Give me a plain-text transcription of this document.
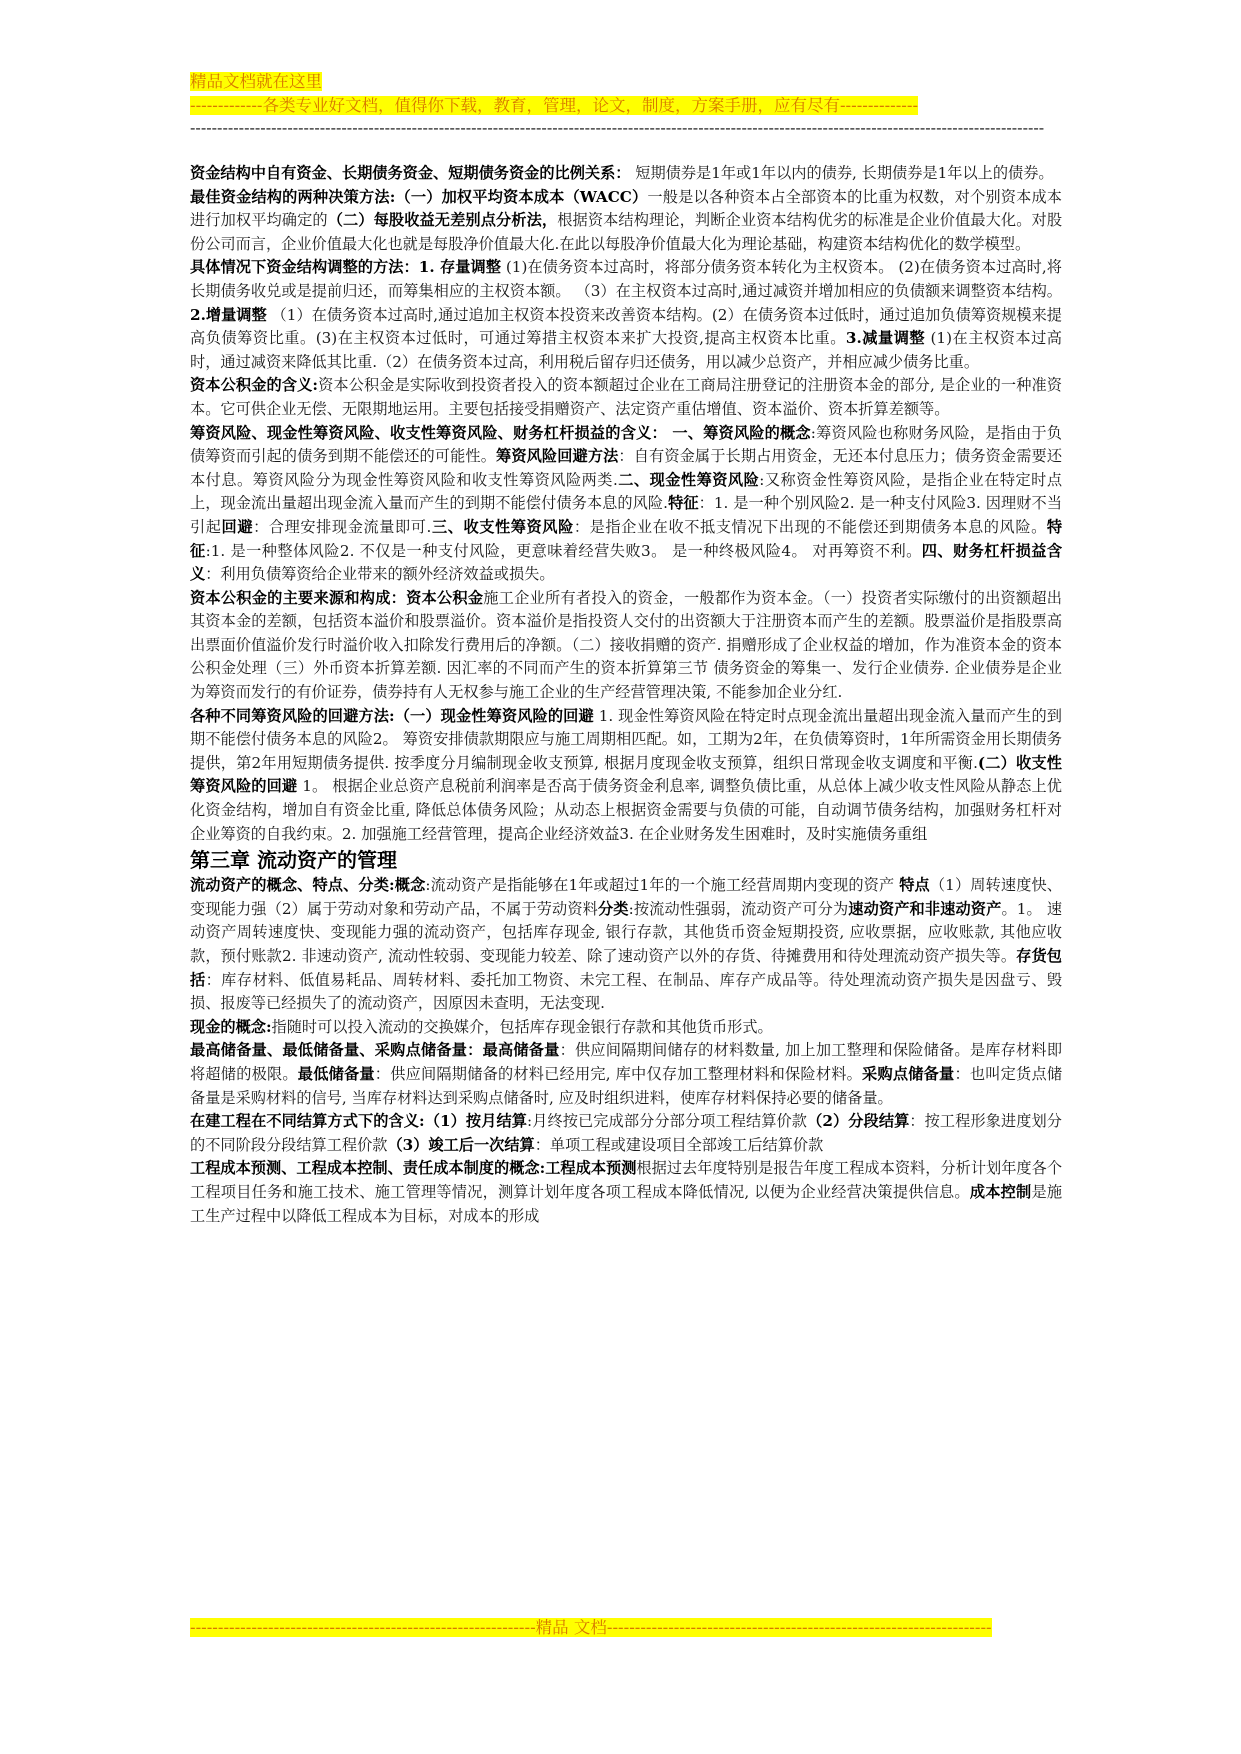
精品文档就在这里
-------------各类专业好文档，值得你下载，教育，管理，论文，制度，方案手册，应有尽有--------------
--------------------------------------------------------------------------------------------------------------------------------------------------------------

资金结构中自有资金、长期债务资金、短期债务资金的比例关系： 短期债券是1年或1年以内的债券, 长期债券是1年以上的债券。

最佳资金结构的两种决策方法:（一）加权平均资本成本（WACC）一般是以各种资本占全部资本的比重为权数，对个别资本成本进行加权平均确定的（二）每股收益无差别点分析法，根据资本结构理论，判断企业资本结构优劣的标准是企业价值最大化。对股份公司而言，企业价值最大化也就是每股净价值最大化.在此以每股净价值最大化为理论基础，构建资本结构优化的数学模型。

具体情况下资金结构调整的方法：1. 存量调整 (1)在债务资本过高时，将部分债务资本转化为主权资本。 (2)在债务资本过高时,将长期债务收兑或是提前归还，而筹集相应的主权资本额。 （3）在主权资本过高时,通过减资并增加相应的负债额来调整资本结构。2.增量调整 （1）在债务资本过高时,通过追加主权资本投资来改善资本结构。(2）在债务资本过低时，通过追加负债筹资规模来提高负债筹资比重。(3)在主权资本过低时，可通过筹措主权资本来扩大投资,提高主权资本比重。3.减量调整 (1)在主权资本过高时，通过减资来降低其比重.（2）在债务资本过高，利用税后留存归还债务，用以减少总资产，并相应减少债务比重。

资本公积金的含义:资本公积金是实际收到投资者投入的资本额超过企业在工商局注册登记的注册资本金的部分, 是企业的一种准资本。它可供企业无偿、无限期地运用。主要包括接受捐赠资产、法定资产重估增值、资本溢价、资本折算差额等。

筹资风险、现金性筹资风险、收支性筹资风险、财务杠杆损益的含义： 一、筹资风险的概念:筹资风险也称财务风险，是指由于负债筹资而引起的债务到期不能偿还的可能性。筹资风险回避方法：自有资金属于长期占用资金，无还本付息压力；债务资金需要还本付息。筹资风险分为现金性筹资风险和收支性筹资风险两类.二、现金性筹资风险:又称资金性筹资风险，是指企业在特定时点上，现金流出量超出现金流入量而产生的到期不能偿付债务本息的风险.特征：1. 是一种个别风险2. 是一种支付风险3. 因理财不当引起回避：合理安排现金流量即可.三、收支性筹资风险：是指企业在收不抵支情况下出现的不能偿还到期债务本息的风险。特征:1. 是一种整体风险2. 不仅是一种支付风险，更意味着经营失败3。 是一种终极风险4。 对再筹资不利。四、财务杠杆损益含义：利用负债筹资给企业带来的额外经济效益或损失。

资本公积金的主要来源和构成：资本公积金施工企业所有者投入的资金，一般都作为资本金。（一）投资者实际缴付的出资额超出其资本金的差额，包括资本溢价和股票溢价。资本溢价是指投资人交付的出资额大于注册资本而产生的差额。股票溢价是指股票高出票面价值溢价发行时溢价收入扣除发行费用后的净额。（二）接收捐赠的资产. 捐赠形成了企业权益的增加，作为准资本金的资本公积金处理（三）外币资本折算差额. 因汇率的不同而产生的资本折算第三节 债务资金的筹集一、发行企业债券. 企业债券是企业为筹资而发行的有价证券，债券持有人无权参与施工企业的生产经营管理决策, 不能参加企业分红.

各种不同筹资风险的回避方法:（一）现金性筹资风险的回避 1. 现金性筹资风险在特定时点现金流出量超出现金流入量而产生的到期不能偿付债务本息的风险2。 筹资安排债款期限应与施工周期相匹配。如，工期为2年，在负债筹资时，1年所需资金用长期债务提供，第2年用短期债务提供. 按季度分月编制现金收支预算, 根据月度现金收支预算，组织日常现金收支调度和平衡.(二）收支性筹资风险的回避 1。 根据企业总资产息税前利润率是否高于债务资金利息率, 调整负债比重，从总体上减少收支性风险从静态上优化资金结构，增加自有资金比重, 降低总体债务风险；从动态上根据资金需要与负债的可能，自动调节债务结构，加强财务杠杆对企业筹资的自我约束。2. 加强施工经营管理，提高企业经济效益3. 在企业财务发生困难时，及时实施债务重组

第三章 流动资产的管理

流动资产的概念、特点、分类:概念:流动资产是指能够在1年或超过1年的一个施工经营周期内变现的资产 特点（1）周转速度快、变现能力强（2）属于劳动对象和劳动产品，不属于劳动资料分类:按流动性强弱，流动资产可分为速动资产和非速动资产。1。 速动资产周转速度快、变现能力强的流动资产，包括库存现金, 银行存款，其他货币资金短期投资, 应收票据，应收账款, 其他应收款，预付账款2. 非速动资产, 流动性较弱、变现能力较差、除了速动资产以外的存货、待摊费用和待处理流动资产损失等。存货包括：库存材料、低值易耗品、周转材料、委托加工物资、未完工程、在制品、库存产成品等。待处理流动资产损失是因盘亏、毁损、报废等已经损失了的流动资产，因原因未查明，无法变现.

现金的概念:指随时可以投入流动的交换媒介，包括库存现金银行存款和其他货币形式。

最高储备量、最低储备量、采购点储备量：最高储备量：供应间隔期间储存的材料数量, 加上加工整理和保险储备。是库存材料即将超储的极限。最低储备量：供应间隔期储备的材料已经用完, 库中仅存加工整理材料和保险材料。采购点储备量：也叫定货点储备量是采购材料的信号, 当库存材料达到采购点储备时, 应及时组织进料，使库存材料保持必要的储备量。

在建工程在不同结算方式下的含义:（1）按月结算:月终按已完成部分分部分项工程结算价款（2）分段结算：按工程形象进度划分的不同阶段分段结算工程价款（3）竣工后一次结算：单项工程或建设项目全部竣工后结算价款

工程成本预测、工程成本控制、责任成本制度的概念:工程成本预测根据过去年度特别是报告年度工程成本资料，分析计划年度各个工程项目任务和施工技术、施工管理等情况，测算计划年度各项工程成本降低情况, 以便为企业经营决策提供信息。成本控制是施工生产过程中以降低工程成本为目标，对成本的形成

--------------------------------------------------------------精品 文档---------------------------------------------------------------------
